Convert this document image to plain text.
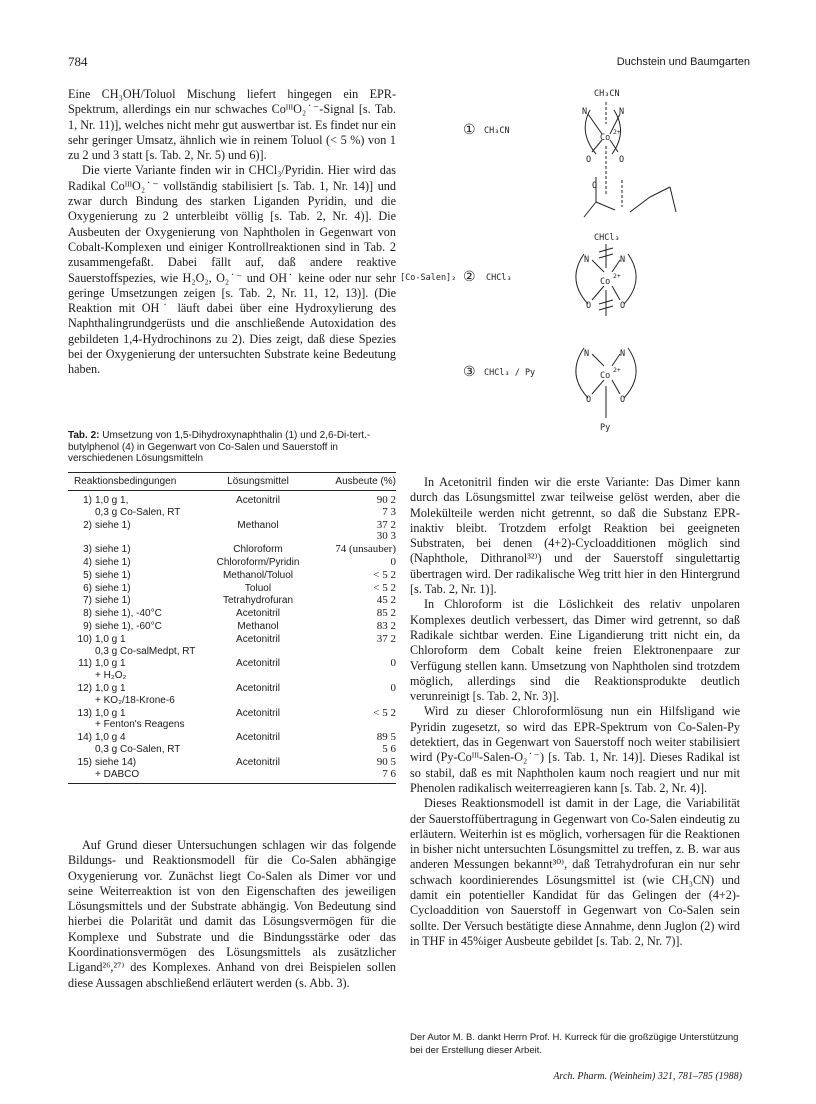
784	Duchstein und Baumgarten

Eine CH₃OH/Toluol Mischung liefert hingegen ein EPR-Spektrum, allerdings ein nur schwaches CoᴵᴵᴵO₂˙⁻-Signal [s. Tab. 1, Nr. 11)], welches nicht mehr gut auswertbar ist. Es findet nur ein sehr geringer Umsatz, ähnlich wie in reinem Toluol (< 5 %) von 1 zu 2 und 3 statt [s. Tab. 2, Nr. 5) und 6)].

Die vierte Variante finden wir in CHCl₃/Pyridin. Hier wird das Radikal CoᴵᴵᴵO₂˙⁻ vollständig stabilisiert [s. Tab. 1, Nr. 14)] und zwar durch Bindung des starken Liganden Pyridin, und die Oxygenierung zu 2 unterbleibt völlig [s. Tab. 2, Nr. 4)]. Die Ausbeuten der Oxygenierung von Naphtholen in Gegenwart von Cobalt-Komplexen und einiger Kontrollreaktionen sind in Tab. 2 zusammengefaßt. Dabei fällt auf, daß andere reaktive Sauerstoffspezies, wie H₂O₂, O₂˙⁻ und OH˙ keine oder nur sehr geringe Umsetzungen zeigen [s. Tab. 2, Nr. 11, 12, 13)]. (Die Reaktion mit OH˙ läuft dabei über eine Hydroxylierung des Naphthalingrundgerüsts und die anschließende Autoxidation des gebildeten 1,4-Hydrochinons zu 2). Dies zeigt, daß diese Spezies bei der Oxygenierung der untersuchten Substrate keine Bedeutung haben.

Tab. 2: Umsetzung von 1,5-Dihydroxynaphthalin (1) und 2,6-Di-tert.-butylphenol (4) in Gegenwart von Co-Salen und Sauerstoff in verschiedenen Lösungsmitteln
Reaktionsbedingungen	Lösungsmittel	Ausbeute (%)
1) 1,0 g 1,
0,3 g Co-Salen, RT
Acetonitril	90 2
7 3
2) siehe 1)	Methanol	37 2
30 3
3) siehe 1)	Chloroform	74 (unsauber)
4) siehe 1)	Chloroform/Pyridin	0
5) siehe 1)	Methanol/Toluol	< 5 2
6) siehe 1)	Toluol	< 5 2
7) siehe 1)	Tetrahydrofuran	45 2
8) siehe 1), -40°C	Acetonitril	85 2
9) siehe 1), -60°C	Methanol	83 2
10) 1,0 g 1
0,3 g Co-salMedpt, RT
Acetonitril	37 2
11) 1,0 g 1
+ H₂O₂
Acetonitril	0
12) 1,0 g 1
+ KO₂/18-Krone-6
Acetonitril	0
13) 1,0 g 1
+ Fenton's Reagens
Acetonitril	< 5 2
14) 1,0 g 4
0,3 g Co-Salen, RT
Acetonitril	89 5
5 6
15) siehe 14)
+ DABCO
Acetonitril	90 5
7 6

Auf Grund dieser Untersuchungen schlagen wir das folgende Bildungs- und Reaktionsmodell für die Co-Salen abhängige Oxygenierung vor. Zunächst liegt Co-Salen als Dimer vor und seine Weiterreaktion ist von den Eigenschaften des jeweiligen Lösungsmittels und der Substrate abhängig. Von Bedeutung sind hierbei die Polarität und damit das Lösungsvermögen für die Komplexe und Substrate und die Bindungsstärke oder das Koordinationsvermögen des Lösungsmittels als zusätzlicher Ligand²⁶,²⁷⁾ des Komplexes. Anhand von drei Beispielen sollen diese Aussagen abschließend erläutert werden (s. Abb. 3).

① CH₃CN
CH₃CN
N	N
Co
2+
O	O
O
[Co-Salen]₂ ② CHCl₃
CHCl₃
N	N
Co
2+
O	O
③ CHCl₃ / Py
N	N
Co
2+
O	O
Py

In Acetonitril finden wir die erste Variante: Das Dimer kann durch das Lösungsmittel zwar teilweise gelöst werden, aber die Molekülteile werden nicht getrennt, so daß die Substanz EPR-inaktiv bleibt. Trotzdem erfolgt Reaktion bei geeigneten Substraten, bei denen (4+2)-Cycloadditionen möglich sind (Naphthole, Dithranol³²⁾) und der Sauerstoff singulettartig übertragen wird. Der radikalische Weg tritt hier in den Hintergrund [s. Tab. 2, Nr. 1)].

In Chloroform ist die Löslichkeit des relativ unpolaren Komplexes deutlich verbessert, das Dimer wird getrennt, so daß Radikale sichtbar werden. Eine Ligandierung tritt nicht ein, da Chloroform dem Cobalt keine freien Elektronenpaare zur Verfügung stellen kann. Umsetzung von Naphtholen sind trotzdem möglich, allerdings sind die Reaktionsprodukte deutlich verunreinigt [s. Tab. 2, Nr. 3)].

Wird zu dieser Chloroformlösung nun ein Hilfsligand wie Pyridin zugesetzt, so wird das EPR-Spektrum von Co-Salen-Py detektiert, das in Gegenwart von Sauerstoff noch weiter stabilisiert wird (Py-Coᴵᴵᴵ-Salen-O₂˙⁻) [s. Tab. 1, Nr. 14)]. Dieses Radikal ist so stabil, daß es mit Naphtholen kaum noch reagiert und nur mit Phenolen radikalisch weiterreagieren kann [s. Tab. 2, Nr. 4)].

Dieses Reaktionsmodell ist damit in der Lage, die Variabilität der Sauerstoffübertragung in Gegenwart von Co-Salen eindeutig zu erläutern. Weiterhin ist es möglich, vorhersagen für die Reaktionen in bisher nicht untersuchten Lösungsmittel zu treffen, z. B. war aus anderen Messungen bekannt³⁰⁾, daß Tetrahydrofuran ein nur sehr schwach koordinierendes Lösungsmittel ist (wie CH₃CN) und damit ein potentieller Kandidat für das Gelingen der (4+2)-Cycloaddition von Sauerstoff in Gegenwart von Co-Salen sein sollte. Der Versuch bestätigte diese Annahme, denn Juglon (2) wird in THF in 45%iger Ausbeute gebildet [s. Tab. 2, Nr. 7)].

Der Autor M. B. dankt Herrn Prof. H. Kurreck für die großzügige Unterstützung bei der Erstellung dieser Arbeit.
Arch. Pharm. (Weinheim) 321, 781–785 (1988)
